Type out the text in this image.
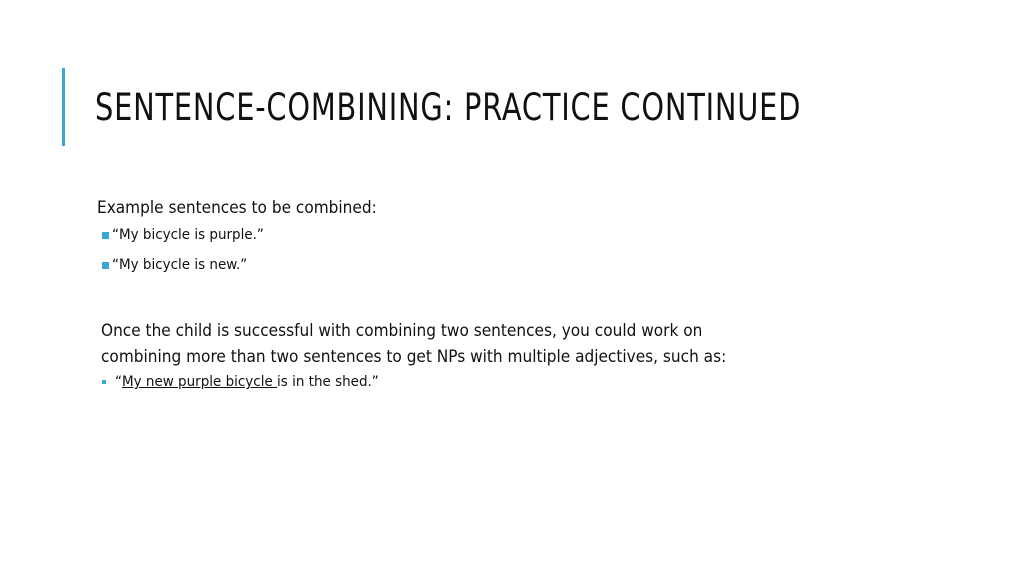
SENTENCE-COMBINING: PRACTICE CONTINUED
Example sentences to be combined:
“My bicycle is purple.”
“My bicycle is new.”
Once the child is successful with combining two sentences, you could work on
combining more than two sentences to get NPs with multiple adjectives, such as:
“My new purple bicycle is in the shed.”
